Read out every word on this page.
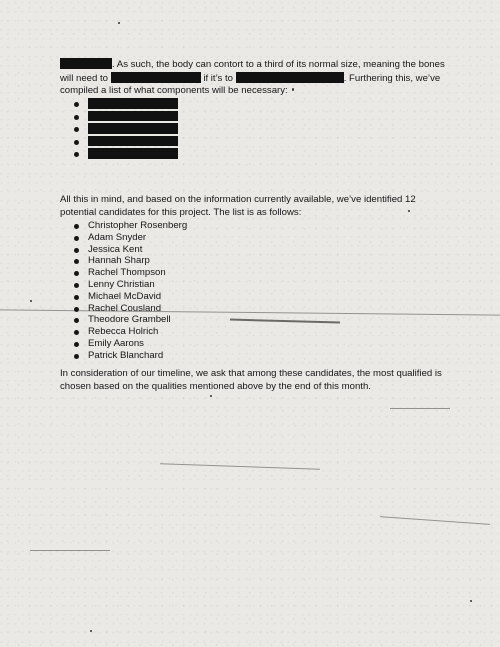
. As such, the body can contort to a third of its normal size, meaning the bones will need to	if it’s to	. Furthering this, we’ve compiled a list of what components will be necessary:

All this in mind, and based on the information currently available, we’ve identified 12 potential candidates for this project. The list is as follows:

Christopher Rosenberg
Adam Snyder
Jessica Kent
Hannah Sharp
Rachel Thompson
Lenny Christian
Michael McDavid
Rachel Cousland
Theodore Grambell
Rebecca Holrich
Emily Aarons
Patrick Blanchard

In consideration of our timeline, we ask that among these candidates, the most qualified is chosen based on the qualities mentioned above by the end of this month.
